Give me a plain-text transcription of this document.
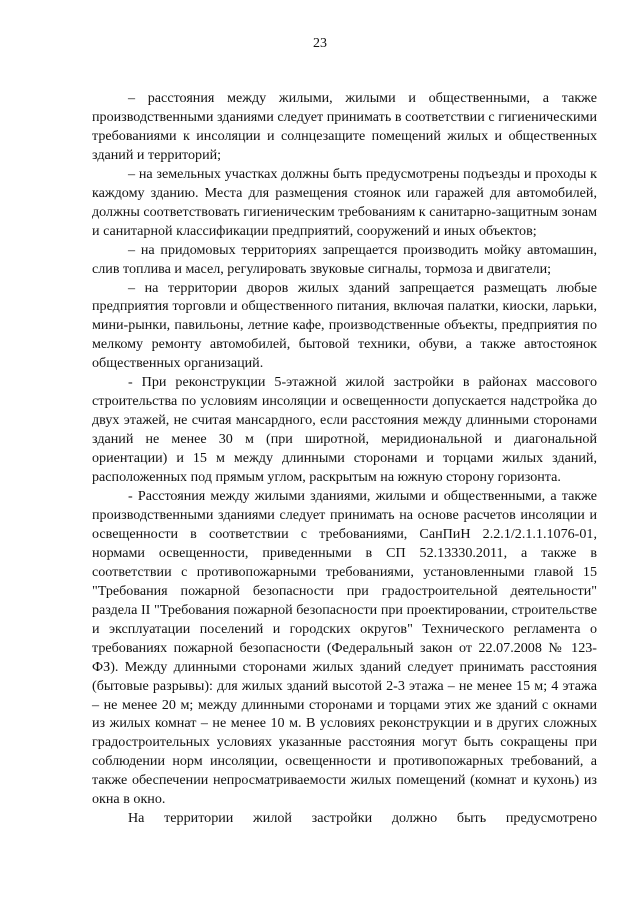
23

– расстояния между жилыми, жилыми и общественными, а также производственными зданиями следует принимать в соответствии с гигиеническими требованиями к инсоляции и солнцезащите помещений жилых и общественных зданий и территорий;

– на земельных участках должны быть предусмотрены подъезды и проходы к каждому зданию. Места для размещения стоянок или гаражей для автомобилей, должны соответствовать гигиеническим требованиям к санитарно-защитным зонам и санитарной классификации предприятий, сооружений и иных объектов;

– на придомовых территориях запрещается производить мойку автомашин, слив топлива и масел, регулировать звуковые сигналы, тормоза и двигатели;

– на территории дворов жилых зданий запрещается размещать любые предприятия торговли и общественного питания, включая палатки, киоски, ларьки, мини-рынки, павильоны, летние кафе, производственные объекты, предприятия по мелкому ремонту автомобилей, бытовой техники, обуви, а также автостоянок общественных организаций.

- При реконструкции 5-этажной жилой застройки в районах массового строительства по условиям инсоляции и освещенности допускается надстройка до двух этажей, не считая мансардного, если расстояния между длинными сторонами зданий не менее 30 м (при широтной, меридиональной и диагональной ориентации) и 15 м между длинными сторонами и торцами жилых зданий, расположенных под прямым углом, раскрытым на южную сторону горизонта.

- Расстояния между жилыми зданиями, жилыми и общественными, а также производственными зданиями следует принимать на основе расчетов инсоляции и освещенности в соответствии с требованиями, СанПиН 2.2.1/2.1.1.1076-01, нормами освещенности, приведенными в СП 52.13330.2011, а также в соответствии с противопожарными требованиями, установленными главой 15 "Требования пожарной безопасности при градостроительной деятельности" раздела II "Требования пожарной безопасности при проектировании, строительстве и эксплуатации поселений и городских округов" Технического регламента о требованиях пожарной безопасности (Федеральный закон от 22.07.2008 № 123-ФЗ). Между длинными сторонами жилых зданий следует принимать расстояния (бытовые разрывы): для жилых зданий высотой 2-3 этажа – не менее 15 м; 4 этажа – не менее 20 м; между длинными сторонами и торцами этих же зданий с окнами из жилых комнат – не менее 10 м. В условиях реконструкции и в других сложных градостроительных условиях указанные расстояния могут быть сокращены при соблюдении норм инсоляции, освещенности и противопожарных требований, а также обеспечении непросматриваемости жилых помещений (комнат и кухонь) из окна в окно.

На территории жилой застройки должно быть предусмотрено
